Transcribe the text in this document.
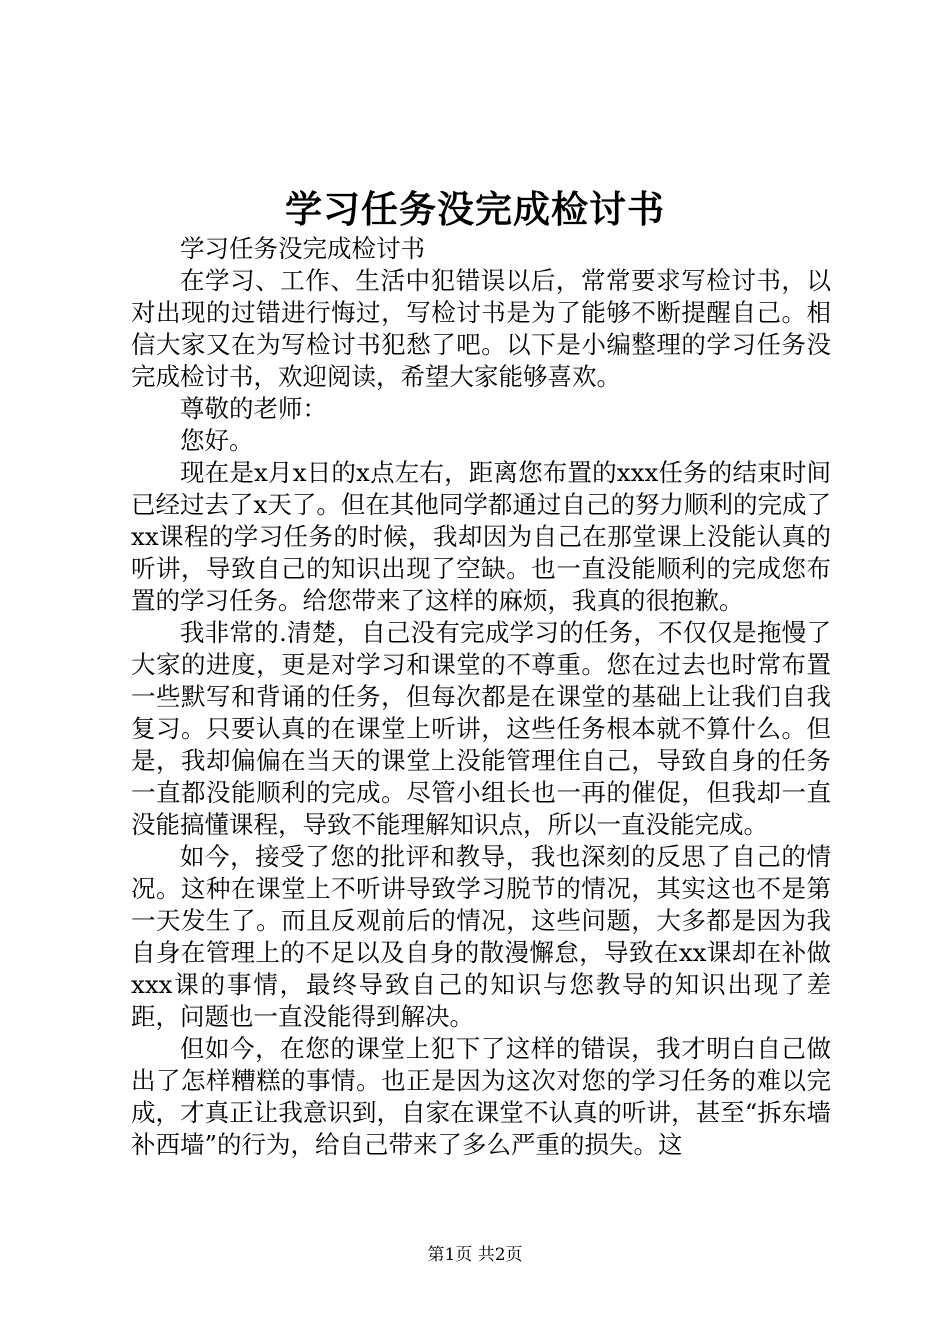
学习任务没完成检讨书

学习任务没完成检讨书

在学习、工作、生活中犯错误以后，常常要求写检讨书，以对出现的过错进行悔过，写检讨书是为了能够不断提醒自己。相信大家又在为写检讨书犯愁了吧。以下是小编整理的学习任务没完成检讨书，欢迎阅读，希望大家能够喜欢。

尊敬的老师：

您好。

现在是x月x日的x点左右，距离您布置的xxx任务的结束时间已经过去了x天了。但在其他同学都通过自己的努力顺利的完成了xx课程的学习任务的时候，我却因为自己在那堂课上没能认真的听讲，导致自己的知识出现了空缺。也一直没能顺利的完成您布置的学习任务。给您带来了这样的麻烦，我真的很抱歉。

我非常的.清楚，自己没有完成学习的任务，不仅仅是拖慢了大家的进度，更是对学习和课堂的不尊重。您在过去也时常布置一些默写和背诵的任务，但每次都是在课堂的基础上让我们自我复习。只要认真的在课堂上听讲，这些任务根本就不算什么。但是，我却偏偏在当天的课堂上没能管理住自己，导致自身的任务一直都没能顺利的完成。尽管小组长也一再的催促，但我却一直没能搞懂课程，导致不能理解知识点，所以一直没能完成。

如今，接受了您的批评和教导，我也深刻的反思了自己的情况。这种在课堂上不听讲导致学习脱节的情况，其实这也不是第一天发生了。而且反观前后的情况，这些问题，大多都是因为我自身在管理上的不足以及自身的散漫懈怠，导致在xx课却在补做xxx课的事情，最终导致自己的知识与您教导的知识出现了差距，问题也一直没能得到解决。

但如今，在您的课堂上犯下了这样的错误，我才明白自己做出了怎样糟糕的事情。也正是因为这次对您的学习任务的难以完成，才真正让我意识到，自家在课堂不认真的听讲，甚至“拆东墙补西墙”的行为，给自己带来了多么严重的损失。这

第1页 共2页
